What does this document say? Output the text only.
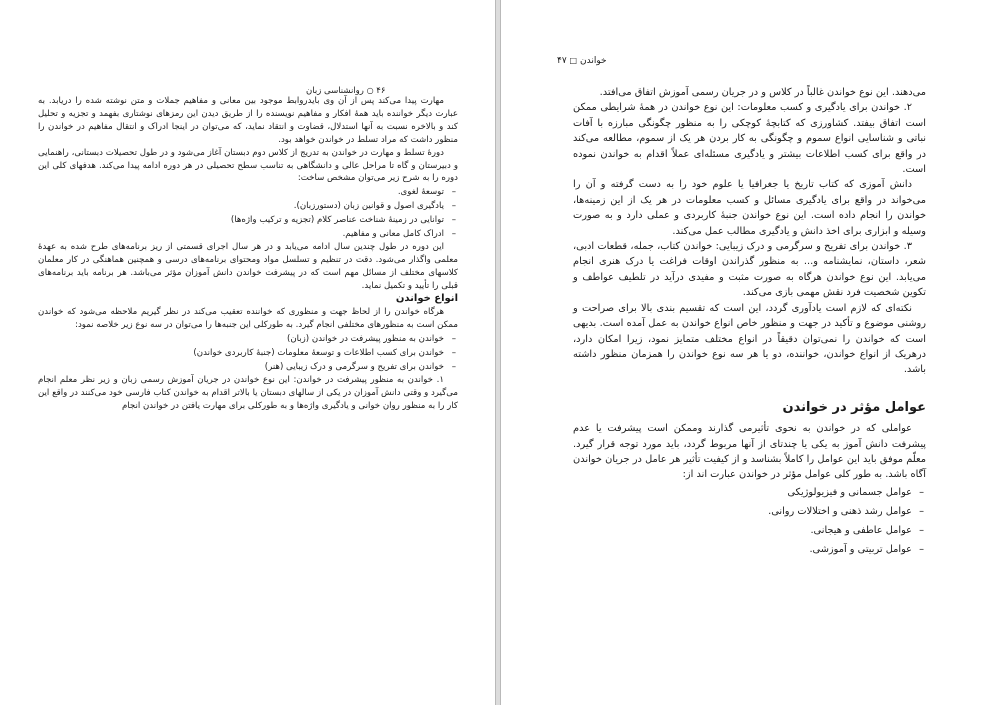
۴۶ ○ روانشناسی زبان

مهارت پیدا می‌کند پس از آن وی بایدروابط موجود بین معانی و مفاهیم جملات و متن نوشته شده را دریابد. به عبارت دیگر خواننده باید همهٔ افکار و مفاهیم نویسنده را از طریق دیدن این رمزهای نوشتاری بفهمد و تجزیه و تحلیل کند و بالاخره نسبت به آنها استدلال، قضاوت و انتقاد نماید، که می‌توان در اینجا ادراک و انتقال مفاهیم در خواندن را منظور داشت که مراد تسلط در خواندن خواهد بود.

دورهٔ تسلط و مهارت در خواندن به تدریج از کلاس دوم دبستان آغاز می‌شود و در طول تحصیلات دبستانی، راهنمایی و دبیرستان و گاه تا مراحل عالی و دانشگاهی به تناسب سطح تحصیلی در هر دوره ادامه پیدا می‌کند. هدفهای کلی این دوره را به شرح زیر می‌توان مشخص ساخت:

– توسعهٔ لغوی.
– یادگیری اصول و قوانین زبان (دستورزبان).
– توانایی در زمینهٔ شناخت عناصر کلام (تجزیه و ترکیب واژه‌ها)
– ادراک کامل معانی و مفاهیم.

این دوره در طول چندین سال ادامه می‌یابد و در هر سال اجرای قسمتی از ریز برنامه‌های طرح شده به عهدهٔ معلمی واگذار می‌شود. دقت در تنظیم و تسلسل مواد ومحتوای برنامه‌های درسی و همچنین هماهنگی در کار معلمان کلاسهای مختلف از مسائل مهم است که در پیشرفت خواندن دانش آموزان مؤثر می‌باشد. هر برنامه باید برنامه‌های قبلی را تأیید و تکمیل نماید.

انواع خواندن

هرگاه خواندن را از لحاظ جهت و منظوری که خواننده تعقیب می‌کند در نظر گیریم ملاحظه می‌شود که خواندن ممکن است به منظورهای مختلفی انجام گیرد. به طورکلی این جنبه‌ها را می‌توان در سه نوع زیر خلاصه نمود:

– خواندن به منظور پیشرفت در خواندن (زبان)
– خواندن برای کسب اطلاعات و توسعهٔ معلومات (جنبهٔ کاربردی خواندن)
– خواندن برای تفریح و سرگرمی و درک زیبایی (هنر)

۱. خواندن به منظور پیشرفت در خواندن: این نوع خواندن در جریان آموزش رسمی زبان و زیر نظر معلم انجام می‌گیرد و وقتی دانش آموزان در یکی از سالهای دبستان یا بالاتر اقدام به خواندن کتاب فارسی خود می‌کنند در واقع این کار را به منظور روان خوانی و یادگیری واژه‌ها و به طورکلی برای مهارت یافتن در خواندن انجام

خواندن □ ۴۷

می‌دهند. این نوع خواندن غالباً در کلاس و در جریان رسمی آموزش اتفاق می‌افتد.

۲. خواندن برای یادگیری و کسب معلومات: این نوع خواندن در همهٔ شرایطی ممکن است اتفاق بیفتد. کشاورزی که کتابچهٔ کوچکی را به منظور چگونگی مبارزه با آفات نباتی و شناسایی انواع سموم و چگونگی به کار بردن هر یک از سموم، مطالعه می‌کند در واقع برای کسب اطلاعات بیشتر و یادگیری مسئله‌ای عملاً اقدام به خواندن نموده است.

دانش آموزی که کتاب تاریخ یا جغرافیا یا علوم خود را به دست گرفته و آن را می‌خواند در واقع برای یادگیری مسائل و کسب معلومات در هر یک از این زمینه‌ها، خواندن را انجام داده است. این نوع خواندن جنبهٔ کاربردی و عملی دارد و به صورت وسیله و ابزاری برای اخذ دانش و یادگیری مطالب عمل می‌کند.

۳. خواندن برای تفریح و سرگرمی و درک زیبایی: خواندن کتاب، جمله، قطعات ادبی، شعر، داستان، نمایشنامه و... به منظور گذراندن اوقات فراغت یا درک هنری انجام می‌یابد. این نوع خواندن هرگاه به صورت مثبت و مفیدی درآید در تلطیف عواطف و تکوین شخصیت فرد نقش مهمی بازی می‌کند.

نکته‌ای که لازم است یادآوری گردد، این است که تقسیم بندی بالا برای صراحت و روشنی موضوع و تأکید در جهت و منظور خاص انواع خواندن به عمل آمده است. بدیهی است که خواندن را نمی‌توان دقیقاً در انواع مختلف متمایز نمود، زیرا امکان دارد، درهریک از انواع خواندن، خواننده، دو یا هر سه نوع خواندن را همزمان منظور داشته باشد.

عوامل مؤثر در خواندن

عواملی که در خواندن به نحوی تأثیرمی گذارند وممکن است پیشرفت یا عدم پیشرفت دانش آموز به یکی یا چندتای از آنها مربوط گردد، باید مورد توجه قرار گیرد. معلّم موفق باید این عوامل را کاملاً بشناسد و از کیفیت تأثیر هر عامل در جریان خواندن آگاه باشد. به طور کلی عوامل مؤثر در خواندن عبارت اند از:

– عوامل جسمانی و فیزیولوژیکی
– عوامل رشد ذهنی و اختلالات روانی.
– عوامل عاطفی و هیجانی.
– عوامل تربیتی و آموزشی.
